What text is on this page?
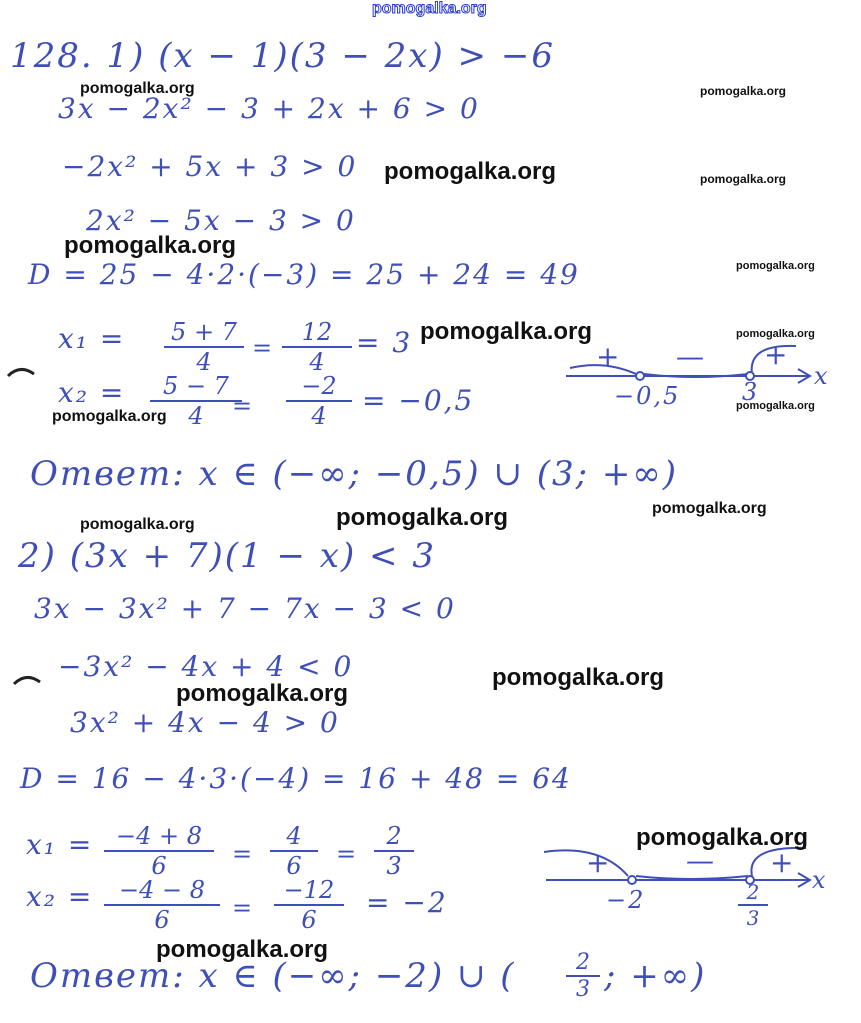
pomogalka.org
128. 1) (x − 1)(3 − 2x) > −6
3x − 2x² − 3 + 2x + 6 > 0
−2x² + 5x + 3 > 0
2x² − 5x − 3 > 0
D = 25 − 4·2·(−3) = 25 + 24 = 49
$x_1 = \frac{5 + 7}{4} = \frac{12}{4} = 3$
$x_2 = \frac{5 - 7}{4}$
= $\frac{-2}{4} = -0,5$
+ — +
−0,5	3
x
Ответ: x ∈ (−∞; −0,5) ∪ (3; +∞)
2) (3x + 7)(1 − x) < 3
3x − 3x² + 7 − 7x − 3 < 0
−3x² − 4x + 4 < 0
3x² + 4x − 4 > 0
D = 16 − 4·3·(−4) = 16 + 48 = 64
$x_1 = \frac{-4 + 8}{6} = \frac{4}{6} = \frac{2}{3}$
$x_2 = \frac{-4 - 8}{6} = \frac{-12}{6} = -2$
+	— +
−2	$\frac{2}{3}$ x
Ответ: x ∈ (−∞; −2) ∪ ( $\frac{2}{3}$ ; +∞)
pomogalka.org	pomogalka.org
pomogalka.org	pomogalka.org
pomogalka.org
pomogalka.org
pomogalka.org	pomogalka.org
pomogalka.org
pomogalka.org
pomogalka.org	pomogalka.org	pomogalka.org
pomogalka.org
pomogalka.org
pomogalka.org
pomogalka.org
